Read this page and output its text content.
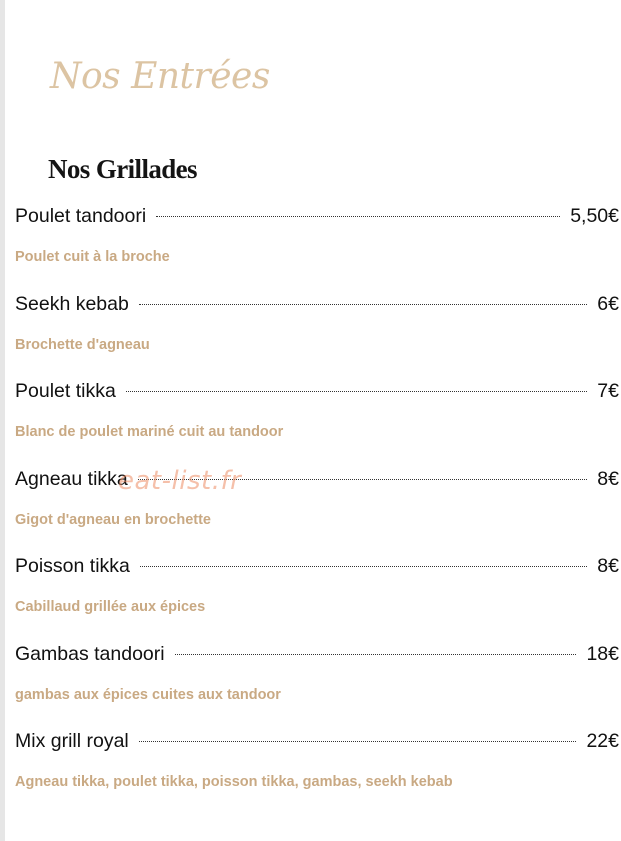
Nos Entrées
Nos Grillades
Poulet tandoori	5,50€
Poulet cuit à la broche
Seekh kebab	6€
Brochette d'agneau
Poulet tikka	7€
Blanc de poulet mariné cuit au tandoor
Agneau tikka	8€
Gigot d'agneau en brochette
Poisson tikka	8€
Cabillaud grillée aux épices
Gambas tandoori	18€
gambas aux épices cuites aux tandoor
Mix grill royal	22€
Agneau tikka, poulet tikka, poisson tikka, gambas, seekh kebab
eat-list.fr
